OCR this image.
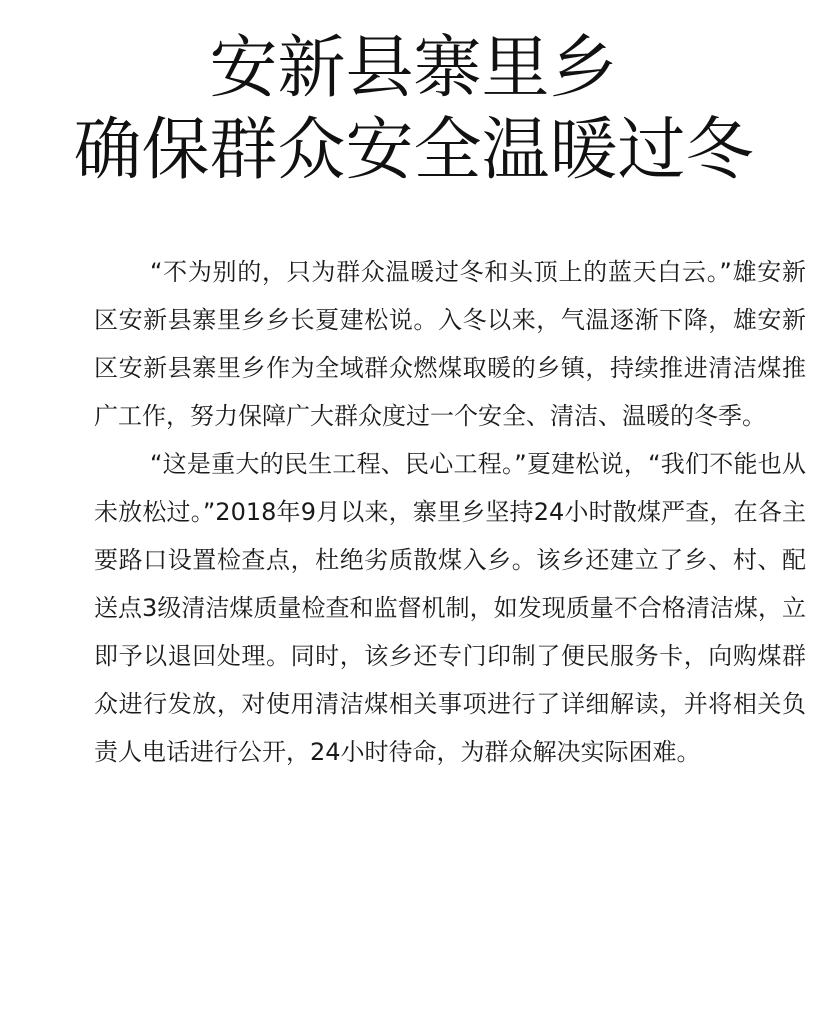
安新县寨里乡
确保群众安全温暖过冬

“不为别的，只为群众温暖过冬和头顶上的蓝天白云。”雄安新区安新县寨里乡乡长夏建松说。入冬以来，气温逐渐下降，雄安新区安新县寨里乡作为全域群众燃煤取暖的乡镇，持续推进清洁煤推广工作，努力保障广大群众度过一个安全、清洁、温暖的冬季。

“这是重大的民生工程、民心工程。”夏建松说，“我们不能也从未放松过。”2018年9月以来，寨里乡坚持24小时散煤严查，在各主要路口设置检查点，杜绝劣质散煤入乡。该乡还建立了乡、村、配送点3级清洁煤质量检查和监督机制，如发现质量不合格清洁煤，立即予以退回处理。同时，该乡还专门印制了便民服务卡，向购煤群众进行发放，对使用清洁煤相关事项进行了详细解读，并将相关负责人电话进行公开，24小时待命，为群众解决实际困难。
